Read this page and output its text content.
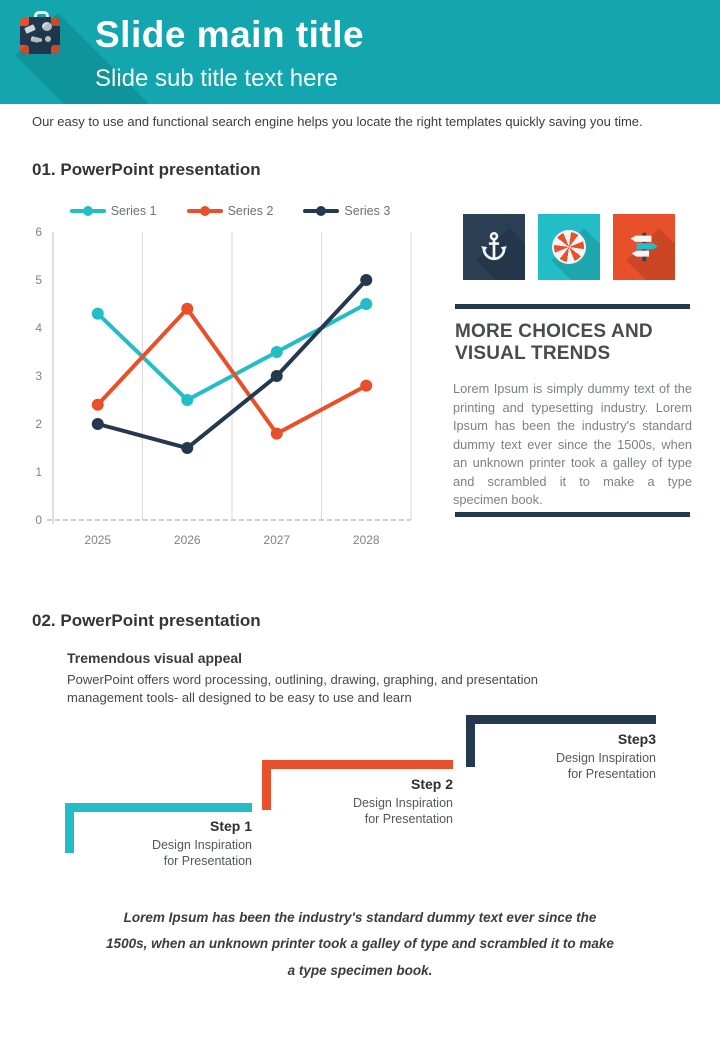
Slide main title
Slide sub title text here
Our easy to use and functional search engine helps you locate the right templates quickly saving you time.
01. PowerPoint presentation
Series 1	Series 2	Series 3
0
1
2
3
4
5
6
2025	2026	2027	2028
MORE CHOICES AND VISUAL TRENDS
Lorem Ipsum is simply dummy text of the printing and typesetting industry. Lorem Ipsum has been the industry's standard dummy text ever since the 1500s, when an unknown printer took a galley of type and scrambled it to make a type specimen book.
02. PowerPoint presentation
Tremendous visual appeal
PowerPoint offers word processing, outlining, drawing, graphing, and presentation management tools- all designed to be easy to use and learn
Step 1
Design Inspiration
for Presentation
Step 2
Design Inspiration
for Presentation
Step3
Design Inspiration
for Presentation
Lorem Ipsum has been the industry's standard dummy text ever since the 1500s, when an unknown printer took a galley of type and scrambled it to make a type specimen book.
